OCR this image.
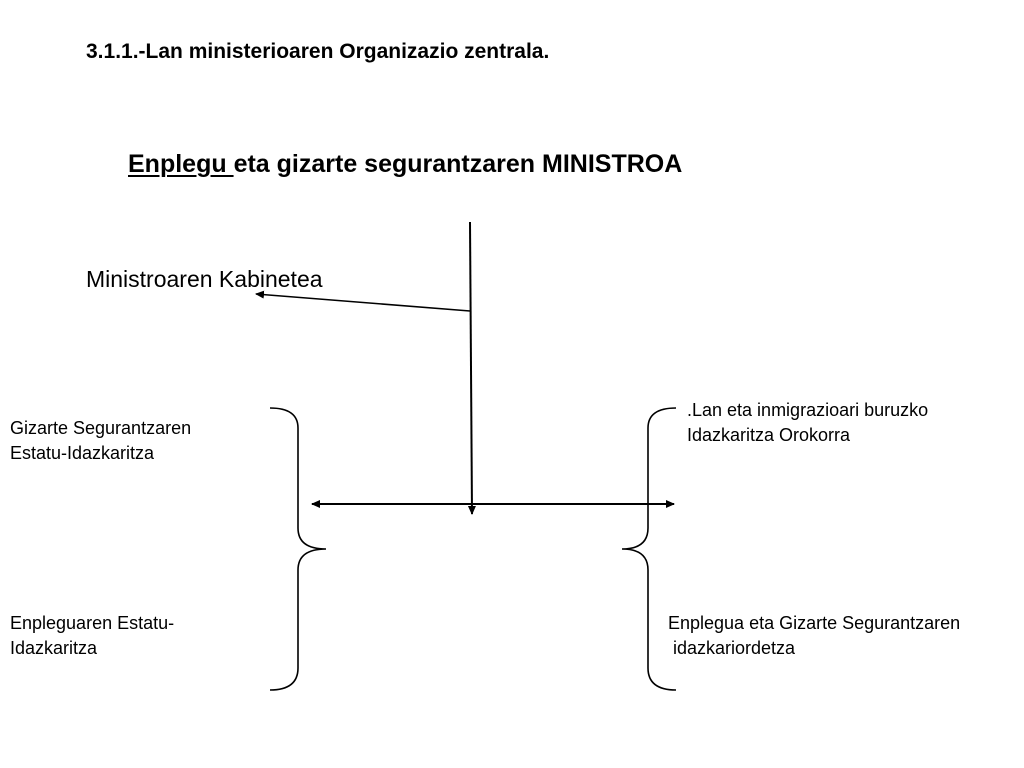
3.1.1.-Lan ministerioaren Organizazio zentrala.

Enplegu eta gizarte segurantzaren MINISTROA

Ministroaren Kabinetea

Gizarte Segurantzaren
Estatu-Idazkaritza
Enpleguaren Estatu-
Idazkaritza
.Lan eta inmigrazioari buruzko
Idazkaritza Orokorra
Enplegua eta Gizarte Segurantzaren
idazkariordetza
